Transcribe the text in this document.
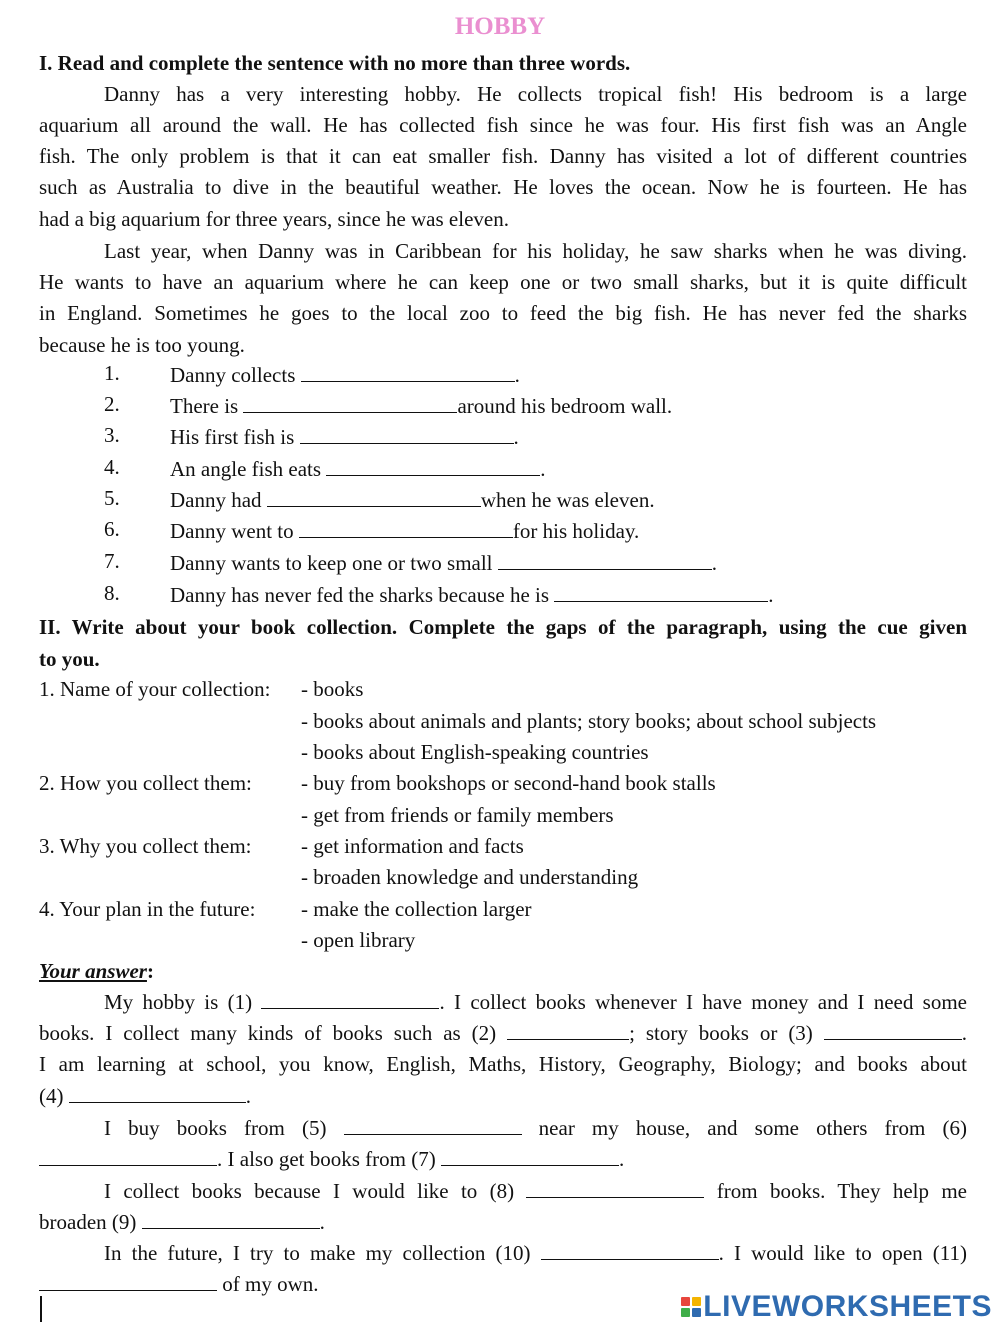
HOBBY
I. Read and complete the sentence with no more than three words.
Danny has a very interesting hobby. He collects tropical fish! His bedroom is a large
aquarium all around the wall. He has collected fish since he was four. His first fish was an Angle
fish. The only problem is that it can eat smaller fish. Danny has visited a lot of different countries
such as Australia to dive in the beautiful weather. He loves the ocean. Now he is fourteen. He has
had a big aquarium for three years, since he was eleven.
Last year, when Danny was in Caribbean for his holiday, he saw sharks when he was diving.
He wants to have an aquarium where he can keep one or two small sharks, but it is quite difficult
in England. Sometimes he goes to the local zoo to feed the big fish. He has never fed the sharks
because he is too young.
1.	Danny collects	.
2.	There is	around his bedroom wall.
3.	His first fish is	.
4.	An angle fish eats	.
5.	Danny had	when he was eleven.
6.	Danny went to	for his holiday.
7.	Danny wants to keep one or two small	.
8.	Danny has never fed the sharks because he is	.
II. Write about your book collection. Complete the gaps of the paragraph, using the cue given
to you.
1. Name of your collection: - books
- books about animals and plants; story books; about school subjects
- books about English-speaking countries
2. How you collect them: - buy from bookshops or second-hand book stalls
- get from friends or family members
3. Why you collect them: - get information and facts
- broaden knowledge and understanding
4. Your plan in the future: - make the collection larger
- open library
Your answer:
My hobby is (1)	. I collect books whenever I have money and I need some
books. I collect many kinds of books such as (2)	; story books or (3)	.
I am learning at school, you know, English, Maths, History, Geography, Biology; and books about
(4)	.
I buy books from (5)	near my house, and some others from (6)
. I also get books from (7)	.
I collect books because I would like to (8)	from books. They help me
broaden (9)	.
In the future, I try to make my collection (10)	. I would like to open (11)
of my own.
LIVEWORKSHEETS
